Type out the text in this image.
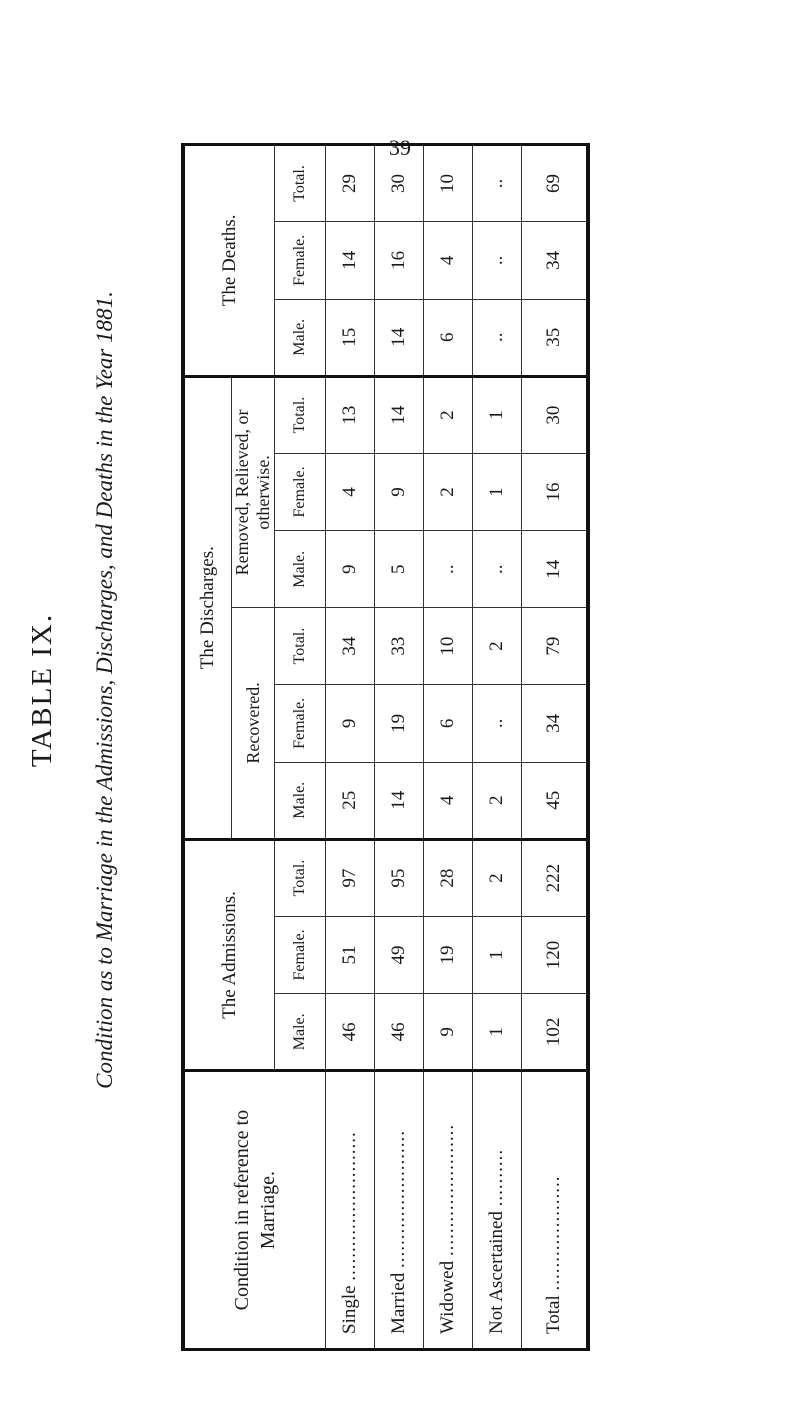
39
TABLE IX. Condition as to Marriage in the Admissions, Discharges, and Deaths in the Year 1881.
Condition in reference to Marriage.	The Admissions.			The Discharges.						The Deaths.		
				Recovered.			Removed, Relieved, or otherwise.					
	Male.	Female.	Total.	Male.	Female.	Total.	Male.	Female.	Total.	Male.	Female.	Total.
Single ..........................	46	51	97	25	9	34	9	4	13	15	14	29
Married ........................	46	49	95	14	19	33	5	9	14	14	16	30
Widowed .......................	9	19	28	4	6	10	..	2	2	6	4	10
Not Ascertained ..........	1	1	2	2	..	2	..	1	1	..	..	..
Total ....................	102	120	222	45	34	79	14	16	30	35	34	69
